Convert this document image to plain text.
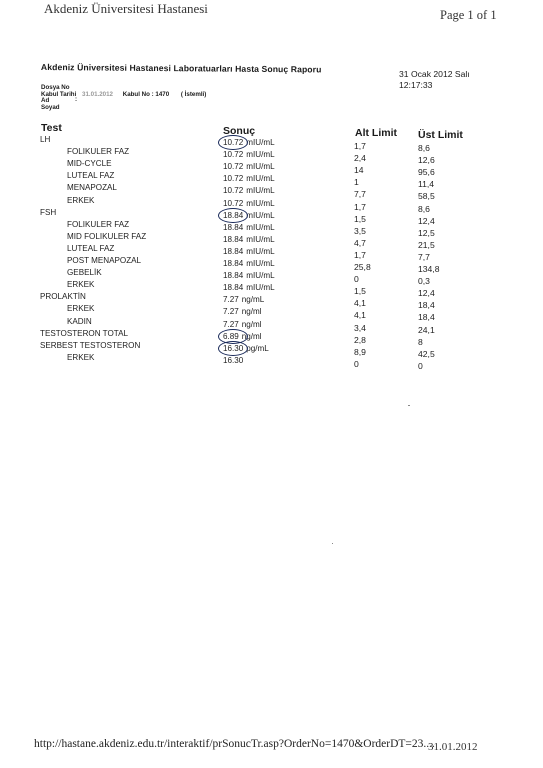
Akdeniz Üniversitesi Hastanesi	Page 1 of 1
Akdeniz Üniversitesi Hastanesi Laboratuarları Hasta Sonuç Raporu	31 Ocak 2012 Salı
12:17:33
Dosya No
Kabul Tarihi 31.01.2012 Kabul No : 1470 ( İstemli)
Ad	:
Soyad
Test	Sonuç	Alt Limit Üst Limit
LH	10.72 mIU/mL	1,7	8,6
FOLIKULER FAZ	10.72 mIU/mL	2,4	12,6
MID-CYCLE	10.72 mIU/mL	14	95,6
LUTEAL FAZ	10.72 mIU/mL	1	11,4
MENAPOZAL	10.72 mIU/mL	7,7	58,5
ERKEK	10.72 mIU/mL	1,7	8,6
FSH	18.84 mIU/mL	1,5	12,4
FOLIKULER FAZ	18.84 mIU/mL	3,5	12,5
MID FOLIKULER FAZ	18.84 mIU/mL	4,7	21,5
LUTEAL FAZ	18.84 mIU/mL	1,7	7,7
POST MENAPOZAL	18.84 mIU/mL	25,8	134,8
GEBELİK	18.84 mIU/mL	0	0,3
ERKEK	18.84 mIU/mL	1,5	12,4
PROLAKTİN	7.27 ng/mL	4,1	18,4
ERKEK	7.27 ng/ml	4,1	18,4
KADIN	7.27 ng/ml	3,4	24,1
TESTOSTERON TOTAL	6.89 ng/ml	2,8	8
SERBEST TESTOSTERON	16.30 pg/mL	8,9	42,5
ERKEK	16.30	0	0
http://hastane.akdeniz.edu.tr/interaktif/prSonucTr.asp?OrderNo=1470&OrderDT=23....
31.01.2012
